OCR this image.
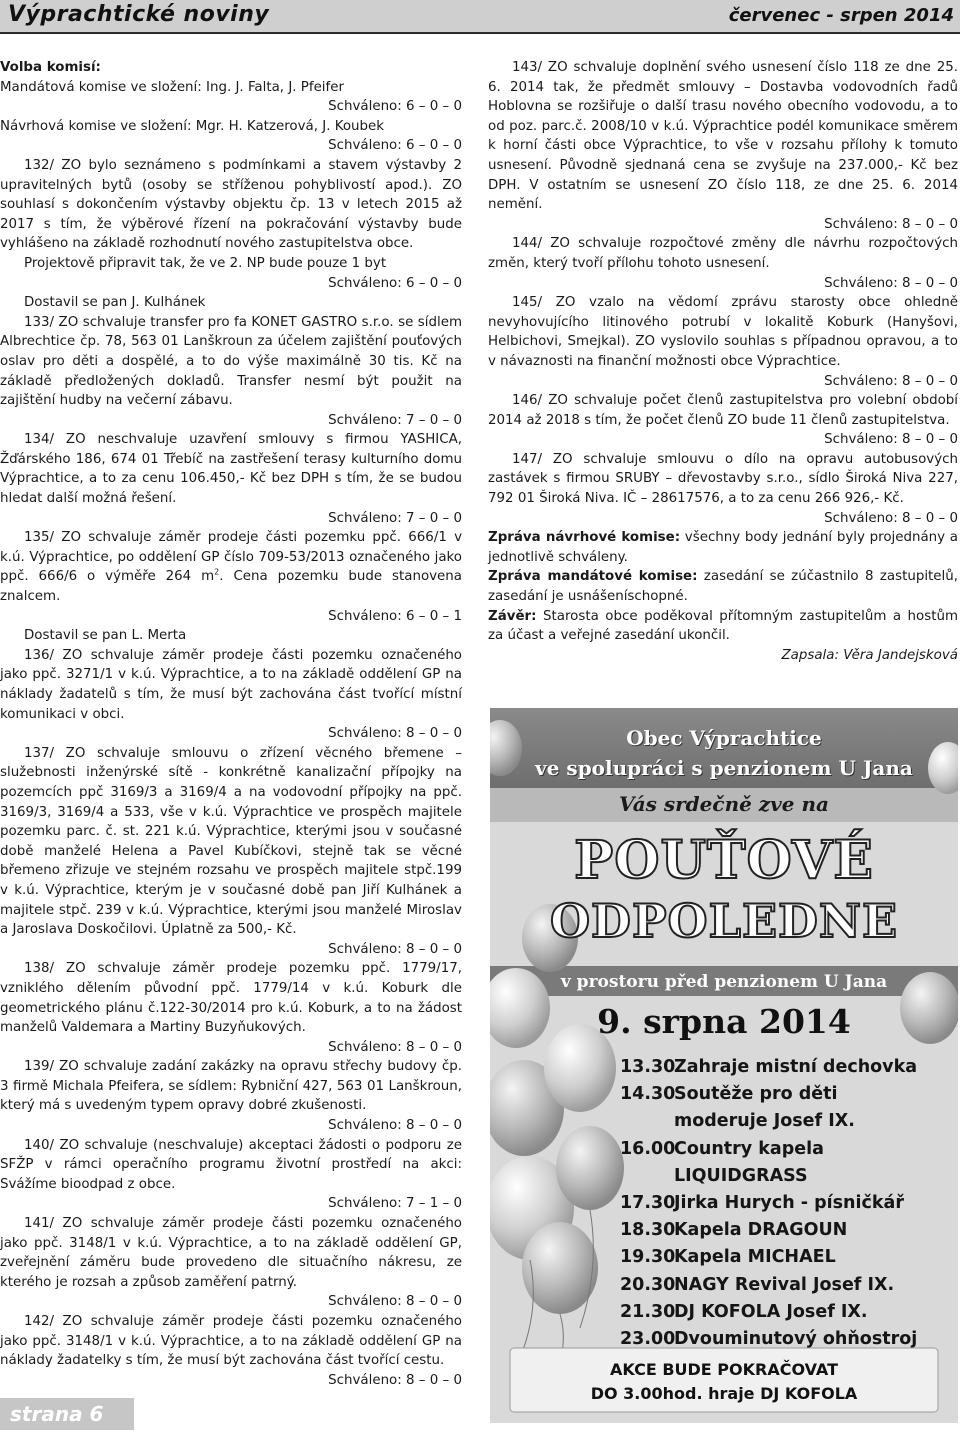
Výprachtické noviny	červenec - srpen 2014

Volba komisí:

Mandátová komise ve složení: Ing. J. Falta, J. Pfeifer

Schváleno: 6 – 0 – 0

Návrhová komise ve složení: Mgr. H. Katzerová, J. Koubek

Schváleno: 6 – 0 – 0

132/ ZO bylo seznámeno s podmínkami a stavem výstavby 2 upravitelných bytů (osoby se stříženou pohyblivostí apod.). ZO souhlasí s dokončením výstavby objektu čp. 13 v letech 2015 až 2017 s tím, že výběrové řízení na pokračování výstavby bude vyhlášeno na základě rozhodnutí nového zastupitelstva obce.

Projektově připravit tak, že ve 2. NP bude pouze 1 byt

Schváleno: 6 – 0 – 0

Dostavil se pan J. Kulhánek

133/ ZO schvaluje transfer pro fa KONET GASTRO s.r.o. se sídlem Albrechtice čp. 78, 563 01 Lanškroun za účelem zajištění pouťových oslav pro děti a dospělé, a to do výše maximálně 30 tis. Kč na základě předložených dokladů. Transfer nesmí být použit na zajištění hudby na večerní zábavu.

Schváleno: 7 – 0 – 0

134/ ZO neschvaluje uzavření smlouvy s firmou YASHICA, Žďárského 186, 674 01 Třebíč na zastřešení terasy kulturního domu Výprachtice, a to za cenu 106.450,- Kč bez DPH s tím, že se budou hledat další možná řešení.

Schváleno: 7 – 0 – 0

135/ ZO schvaluje záměr prodeje části pozemku ppč. 666/1 v k.ú. Výprachtice, po oddělení GP číslo 709-53/2013 označeného jako ppč. 666/6 o výměře 264 $m^2$. Cena pozemku bude stanovena znalcem.

Schváleno: 6 – 0 – 1

Dostavil se pan L. Merta

136/ ZO schvaluje záměr prodeje části pozemku označeného jako ppč. 3271/1 v k.ú. Výprachtice, a to na základě oddělení GP na náklady žadatelů s tím, že musí být zachována část tvořící místní komunikaci v obci.

Schváleno: 8 – 0 – 0

137/ ZO schvaluje smlouvu o zřízení věcného břemene – služebnosti inženýrské sítě - konkrétně kanalizační přípojky na pozemcích ppč 3169/3 a 3169/4 a na vodovodní přípojky na ppč. 3169/3, 3169/4 a 533, vše v k.ú. Výprachtice ve prospěch majitele pozemku parc. č. st. 221 k.ú. Výprachtice, kterými jsou v současné době manželé Helena a Pavel Kubíčkovi, stejně tak se věcné břemeno zřizuje ve stejném rozsahu ve prospěch majitele stpč.199 v k.ú. Výprachtice, kterým je v současné době pan Jiří Kulhánek a majitele stpč. 239 v k.ú. Výprachtice, kterými jsou manželé Miroslav a Jaroslava Doskočilovi. Úplatně za 500,- Kč.

Schváleno: 8 – 0 – 0

138/ ZO schvaluje záměr prodeje pozemku ppč. 1779/17, vzniklého dělením původní ppč. 1779/14 v k.ú. Koburk dle geometrického plánu č.122-30/2014 pro k.ú. Koburk, a to na žádost manželů Valdemara a Martiny Buzyňukových.

Schváleno: 8 – 0 – 0

139/ ZO schvaluje zadání zakázky na opravu střechy budovy čp. 3 firmě Michala Pfeifera, se sídlem: Rybniční 427, 563 01 Lanškroun, který má s uvedeným typem opravy dobré zkušenosti.

Schváleno: 8 – 0 – 0

140/ ZO schvaluje (neschvaluje) akceptaci žádosti o podporu ze SFŽP v rámci operačního programu životní prostředí na akci: Svážíme bioodpad z obce.

Schváleno: 7 – 1 – 0

141/ ZO schvaluje záměr prodeje části pozemku označeného jako ppč. 3148/1 v k.ú. Výprachtice, a to na základě oddělení GP, zveřejnění záměru bude provedeno dle situačního nákresu, ze kterého je rozsah a způsob zaměření patrný.

Schváleno: 8 – 0 – 0

142/ ZO schvaluje záměr prodeje části pozemku označeného jako ppč. 3148/1 v k.ú. Výprachtice, a to na základě oddělení GP na náklady žadatelky s tím, že musí být zachována část tvořící cestu.

Schváleno: 8 – 0 – 0

143/ ZO schvaluje doplnění svého usnesení číslo 118 ze dne 25. 6. 2014 tak, že předmět smlouvy – Dostavba vodovodních řadů Hoblovna se rozšiřuje o další trasu nového obecního vodovodu, a to od poz. parc.č. 2008/10 v k.ú. Výprachtice podél komunikace směrem k horní části obce Výprachtice, to vše v rozsahu přílohy k tomuto usnesení. Původně sjednaná cena se zvyšuje na 237.000,- Kč bez DPH. V ostatním se usnesení ZO číslo 118, ze dne 25. 6. 2014 nemění.

Schváleno: 8 – 0 – 0

144/ ZO schvaluje rozpočtové změny dle návrhu rozpočtových změn, který tvoří přílohu tohoto usnesení.

Schváleno: 8 – 0 – 0

145/ ZO vzalo na vědomí zprávu starosty obce ohledně nevyhovujícího litinového potrubí v lokalitě Koburk (Hanyšovi, Helbichovi, Smejkal). ZO vyslovilo souhlas s případnou opravou, a to v návaznosti na finanční možnosti obce Výprachtice.

Schváleno: 8 – 0 – 0

146/ ZO schvaluje počet členů zastupitelstva pro volební období 2014 až 2018 s tím, že počet členů ZO bude 11 členů zastupitelstva.

Schváleno: 8 – 0 – 0

147/ ZO schvaluje smlouvu o dílo na opravu autobusových zastávek s firmou SRUBY – dřevostavby s.r.o., sídlo Široká Niva 227, 792 01 Široká Niva. IČ – 28617576, a to za cenu 266 926,- Kč.

Schváleno: 8 – 0 – 0

Zpráva návrhové komise: všechny body jednání byly projednány a jednotlivě schváleny.

Zpráva mandátové komise: zasedání se zúčastnilo 8 zastupitelů, zasedání je usnášeníschopné.

Závěr: Starosta obce poděkoval přítomným zastupitelům a hostům za účast a veřejné zasedání ukončil.

Zapsala: Věra Jandejsková

Obec Výprachtice
ve spolupráci s penzionem U Jana
Vás srdečně zve na
POUŤOVÉ
ODPOLEDNE
v prostoru před penzionem U Jana
9. srpna 2014
13.30Zahraje mistní dechovka
14.30Soutěže pro děti
moderuje Josef IX.
16.00Country kapela
LIQUIDGRASS
17.30Jirka Hurych - písničkář
18.30Kapela DRAGOUN
19.30Kapela MICHAEL
20.30NAGY Revival Josef IX.
21.30DJ KOFOLA Josef IX.
23.00Dvouminutový ohňostroj
AKCE BUDE POKRAČOVAT
DO 3.00hod. hraje DJ KOFOLA
strana 6
